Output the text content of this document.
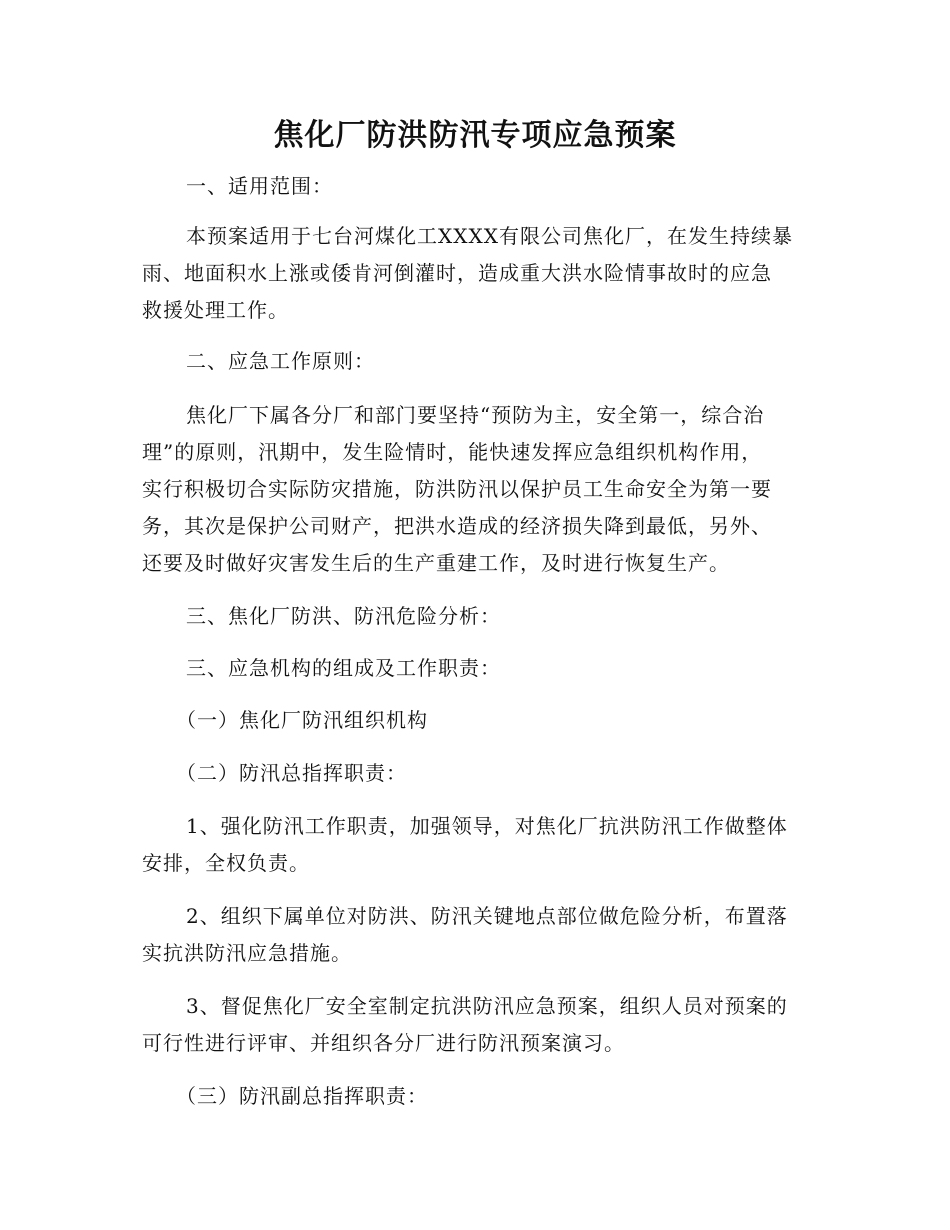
焦化厂防洪防汛专项应急预案
一、适用范围：
本预案适用于七台河煤化工XXXX有限公司焦化厂，在发生持续暴
雨、地面积水上涨或倭肯河倒灌时，造成重大洪水险情事故时的应急
救援处理工作。
二、应急工作原则：
焦化厂下属各分厂和部门要坚持“预防为主，安全第一，综合治
理”的原则，汛期中，发生险情时，能快速发挥应急组织机构作用，
实行积极切合实际防灾措施，防洪防汛以保护员工生命安全为第一要
务，其次是保护公司财产，把洪水造成的经济损失降到最低，另外、
还要及时做好灾害发生后的生产重建工作，及时进行恢复生产。
三、焦化厂防洪、防汛危险分析：
三、应急机构的组成及工作职责：
（一）焦化厂防汛组织机构
（二）防汛总指挥职责：
1、强化防汛工作职责，加强领导，对焦化厂抗洪防汛工作做整体
安排，全权负责。
2、组织下属单位对防洪、防汛关键地点部位做危险分析，布置落
实抗洪防汛应急措施。
3、督促焦化厂安全室制定抗洪防汛应急预案，组织人员对预案的
可行性进行评审、并组织各分厂进行防汛预案演习。
（三）防汛副总指挥职责：
